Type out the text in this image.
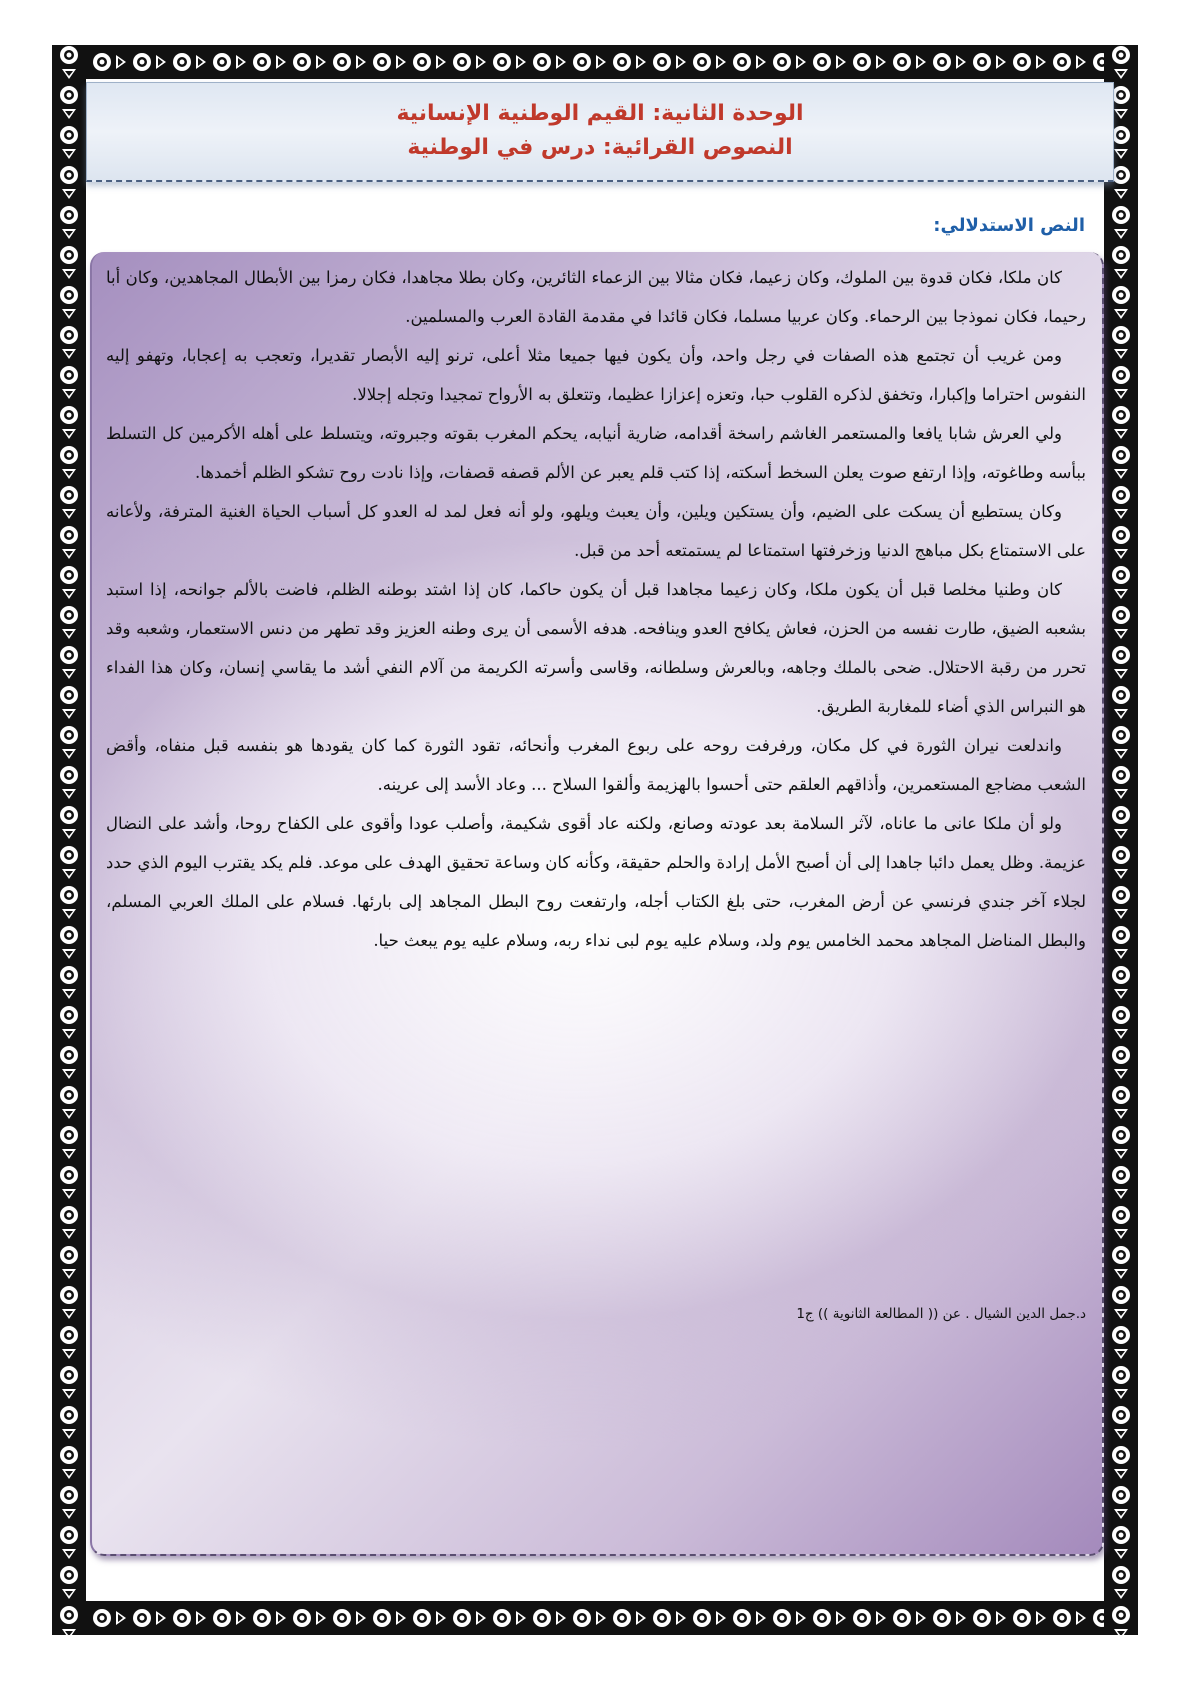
الوحدة الثانية: القيم الوطنية الإنسانية
النصوص القرائية: درس في الوطنية
النص الاستدلالي:

كان ملكا، فكان قدوة بين الملوك، وكان زعيما، فكان مثالا بين الزعماء الثائرين، وكان بطلا مجاهدا، فكان رمزا بين الأبطال المجاهدين، وكان أبا رحيما، فكان نموذجا بين الرحماء. وكان عربيا مسلما، فكان قائدا في مقدمة القادة العرب والمسلمين.

ومن غريب أن تجتمع هذه الصفات في رجل واحد، وأن يكون فيها جميعا مثلا أعلى، ترنو إليه الأبصار تقديرا، وتعجب به إعجابا، وتهفو إليه النفوس احتراما وإكبارا، وتخفق لذكره القلوب حبا، وتعزه إعزازا عظيما، وتتعلق به الأرواح تمجيدا وتجله إجلالا.

ولي العرش شابا يافعا والمستعمر الغاشم راسخة أقدامه، ضارية أنيابه، يحكم المغرب بقوته وجبروته، ويتسلط على أهله الأكرمين كل التسلط ببأسه وطاغوته، وإذا ارتفع صوت يعلن السخط أسكته، إذا كتب قلم يعبر عن الألم قصفه قصفات، وإذا نادت روح تشكو الظلم أخمدها.

وكان يستطيع أن يسكت على الضيم، وأن يستكين ويلين، وأن يعبث ويلهو، ولو أنه فعل لمد له العدو كل أسباب الحياة الغنية المترفة، ولأعانه على الاستمتاع بكل مباهج الدنيا وزخرفتها استمتاعا لم يستمتعه أحد من قبل.

كان وطنيا مخلصا قبل أن يكون ملكا، وكان زعيما مجاهدا قبل أن يكون حاكما، كان إذا اشتد بوطنه الظلم، فاضت بالألم جوانحه، إذا استبد بشعبه الضيق، طارت نفسه من الحزن، فعاش يكافح العدو وينافحه. هدفه الأسمى أن يرى وطنه العزيز وقد تطهر من دنس الاستعمار، وشعبه وقد تحرر من رقبة الاحتلال. ضحى بالملك وجاهه، وبالعرش وسلطانه، وقاسى وأسرته الكريمة من آلام النفي أشد ما يقاسي إنسان، وكان هذا الفداء هو النبراس الذي أضاء للمغاربة الطريق.

واندلعت نيران الثورة في كل مكان، ورفرفت روحه على ربوع المغرب وأنحائه، تقود الثورة كما كان يقودها هو بنفسه قبل منفاه، وأقض الشعب مضاجع المستعمرين، وأذاقهم العلقم حتى أحسوا بالهزيمة وألقوا السلاح ... وعاد الأسد إلى عرينه.

ولو أن ملكا عانى ما عاناه، لآثر السلامة بعد عودته وصانع، ولكنه عاد أقوى شكيمة، وأصلب عودا وأقوى على الكفاح روحا، وأشد على النضال عزيمة. وظل يعمل دائبا جاهدا إلى أن أصبح الأمل إرادة والحلم حقيقة، وكأنه كان وساعة تحقيق الهدف على موعد. فلم يكد يقترب اليوم الذي حدد لجلاء آخر جندي فرنسي عن أرض المغرب، حتى بلغ الكتاب أجله، وارتفعت روح البطل المجاهد إلى بارئها. فسلام على الملك العربي المسلم، والبطل المناضل المجاهد محمد الخامس يوم ولد، وسلام عليه يوم لبى نداء ربه، وسلام عليه يوم يبعث حيا.

د.جمل الدين الشيال . عن (( المطالعة الثانوية )) ج1
